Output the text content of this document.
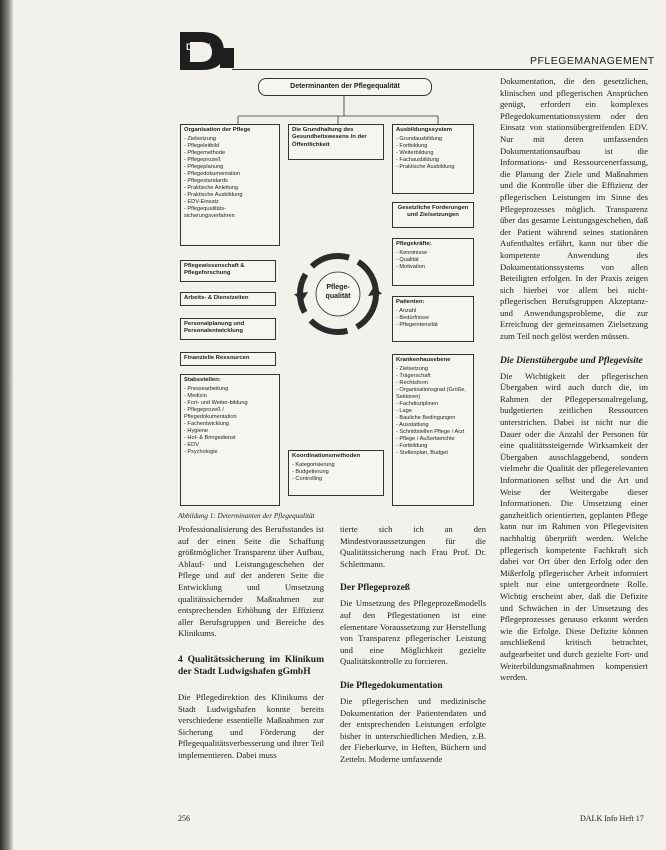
DALK
PFLEGEMANAGEMENT
Determinanten der Pflegequalität
Organisation der Pflege
- Zielsetzung
- Pflegeleitbild
- Pflegemethode
- Pflegeprozeß
- Pflegeplanung
- Pflegedokumentation
- Pflegestandards
- Praktische Anleitung
- Praktische Ausbildung
- EDV-Einsatz
- Pflegequalitäts-sicherungsverfahren
Die Grundhaltung des Gesundheitswesens in der Öffentlichkeit
Ausbildungssystem
- Grundausbildung
- Fortbildung
- Weiterbildung
- Fachausbildung
- Praktische Ausbildung
Gesetzliche Forderungen und Zielsetzungen
Pflegekräfte:
- Kenntnisse
- Qualität
- Motivation
Pflegewissenschaft & Pflegeforschung
Arbeits- & Dienstzeiten
Personalplanung und Personalentwicklung
Finanzielle Ressourcen
Patienten:
- Anzahl
- Bedürfnisse
- Pflegeintensität
Pflege-
qualität
Stabsstellen:
- Pressearbeitung
- Medizin
- Fort- und Weiter-bildung
- Pflegeprozeß / Pflegedokumentation
- Fachentwicklung
- Hygiene
- Hol- & Bringedienst
- EDV
- Psychologie
Koordinationsmethoden
- Kategorisierung
- Budgetierung
- Controlling
Krankenhausebene
- Zielsetzung
- Trägerschaft
- Rechtsform
- Organisationsgrad (Größe, Sektoren)
- Fachdisziplinen
- Lage
- Bauliche Bedingungen
- Ausstattung
- Schnittstellen Pflege / Arzt
- Pflege / Außerberichte
- Fortbildung
- Stellenplan, Budget
Abbildung 1: Determinanten der Pflegequalität

Professionalisierung des Berufsstandes ist auf der einen Seite die Schaffung größtmöglicher Transparenz über Aufbau, Ablauf- und Leistungsgeschehen der Pflege und auf der anderen Seite die Entwicklung und Umsetzung qualitätssichernder Maßnahmen zur entsprechenden Erhöhung der Effizienz aller Berufsgruppen und Bereiche des Klinikums.

4 Qualitätssicherung im Klinikum der Stadt Ludwigshafen gGmbH

Die Pflegedirektion des Klinikums der Stadt Ludwigshafen konnte bereits verschiedene essentielle Maßnahmen zur Sicherung und Förderung der Pflegequalitätsverbesserung und ihrer Teil implementieren. Dabei muss

tierte sich ich an den Mindestvoraussetzungen für die Qualitätssicherung nach Frau Prof. Dr. Schlettmann.

Der Pflegeprozeß

Die Umsetzung des Pflegeprozeßmodells auf den Pflegestationen ist eine elementare Voraussetzung zur Herstellung von Transparenz pflegerischer Leistung und eine Möglichkeit gezielte Qualitätskontrolle zu forcieren.

Die Pflegedokumentation

Die pflegerischen und medizinische Dokumentation der Patientendaten und der entsprechenden Leistungen erfolgte bisher in unterschiedlichen Medien, z.B. der Fieberkurve, in Heften, Büchern und Zetteln. Moderne umfassende

Dokumentation, die den gesetzlichen, klinischen und pflegerischen Ansprüchen genügt, erfordert ein komplexes Pflegedokumentationssystem oder den Einsatz von stationsübergreifenden EDV. Nur mit deren umfassenden Dokumentationsaufbau ist die Informations- und Ressourcenerfassung, die Planung der Ziele und Maßnahmen und die Kontrolle über die Effizienz der pflegerischen Leistungen im Sinne des Pflegeprozesses möglich. Transparenz über das gesamte Leistungsgeschehen, daß der Patient während seines stationären Aufenthaltes erfährt, kann nur über die kompetente Anwendung des Dokumentationssystems von allen Beteiligten erfolgen. In der Praxis zeigen sich hierbei vor allem bei nicht-pflegerischen Berufsgruppen Akzeptanz- und Anwendungsprobleme, die zur Erreichung der gemeinsamen Zielsetzung zum Teil noch gelöst werden müssen.

Die Dienstübergabe und Pflegevisite

Die Wichtigkeit der pflegerischen Übergaben wird auch durch die, im Rahmen der Pflegepersonalregelung, budgetierten zeitlichen Ressourcen unterstrichen. Dabei ist nicht nur die Dauer oder die Anzahl der Personen für eine qualitätssteigernde Wirksamkeit der Übergaben ausschlaggebend, sondern vielmehr die Qualität der pflegerelevanten Informationen selbst und die Art und Weise der Weitergabe dieser Informationen. Die Umsetzung einer ganzheitlich orientierten, geplanten Pflege kann nur im Rahmen von Pflegevisiten nachhaltig überprüft werden. Welche pflegerisch kompetente Fachkraft sich dabei vor Ort über den Erfolg oder den Mißerfolg pflegerischer Arbeit informiert spielt nur eine untergeordnete Rolle. Wichtig erscheint aber, daß die Defizite und Schwächen in der Umsetzung des Pflegeprozesses genauso erkannt werden wie die Erfolge. Diese Defizite können anschließend kritisch betrachtet, aufgearbeitet und durch gezielte Fort- und Weiterbildungsmaßnahmen kompensiert werden.

256	DALK Info Heft 17
